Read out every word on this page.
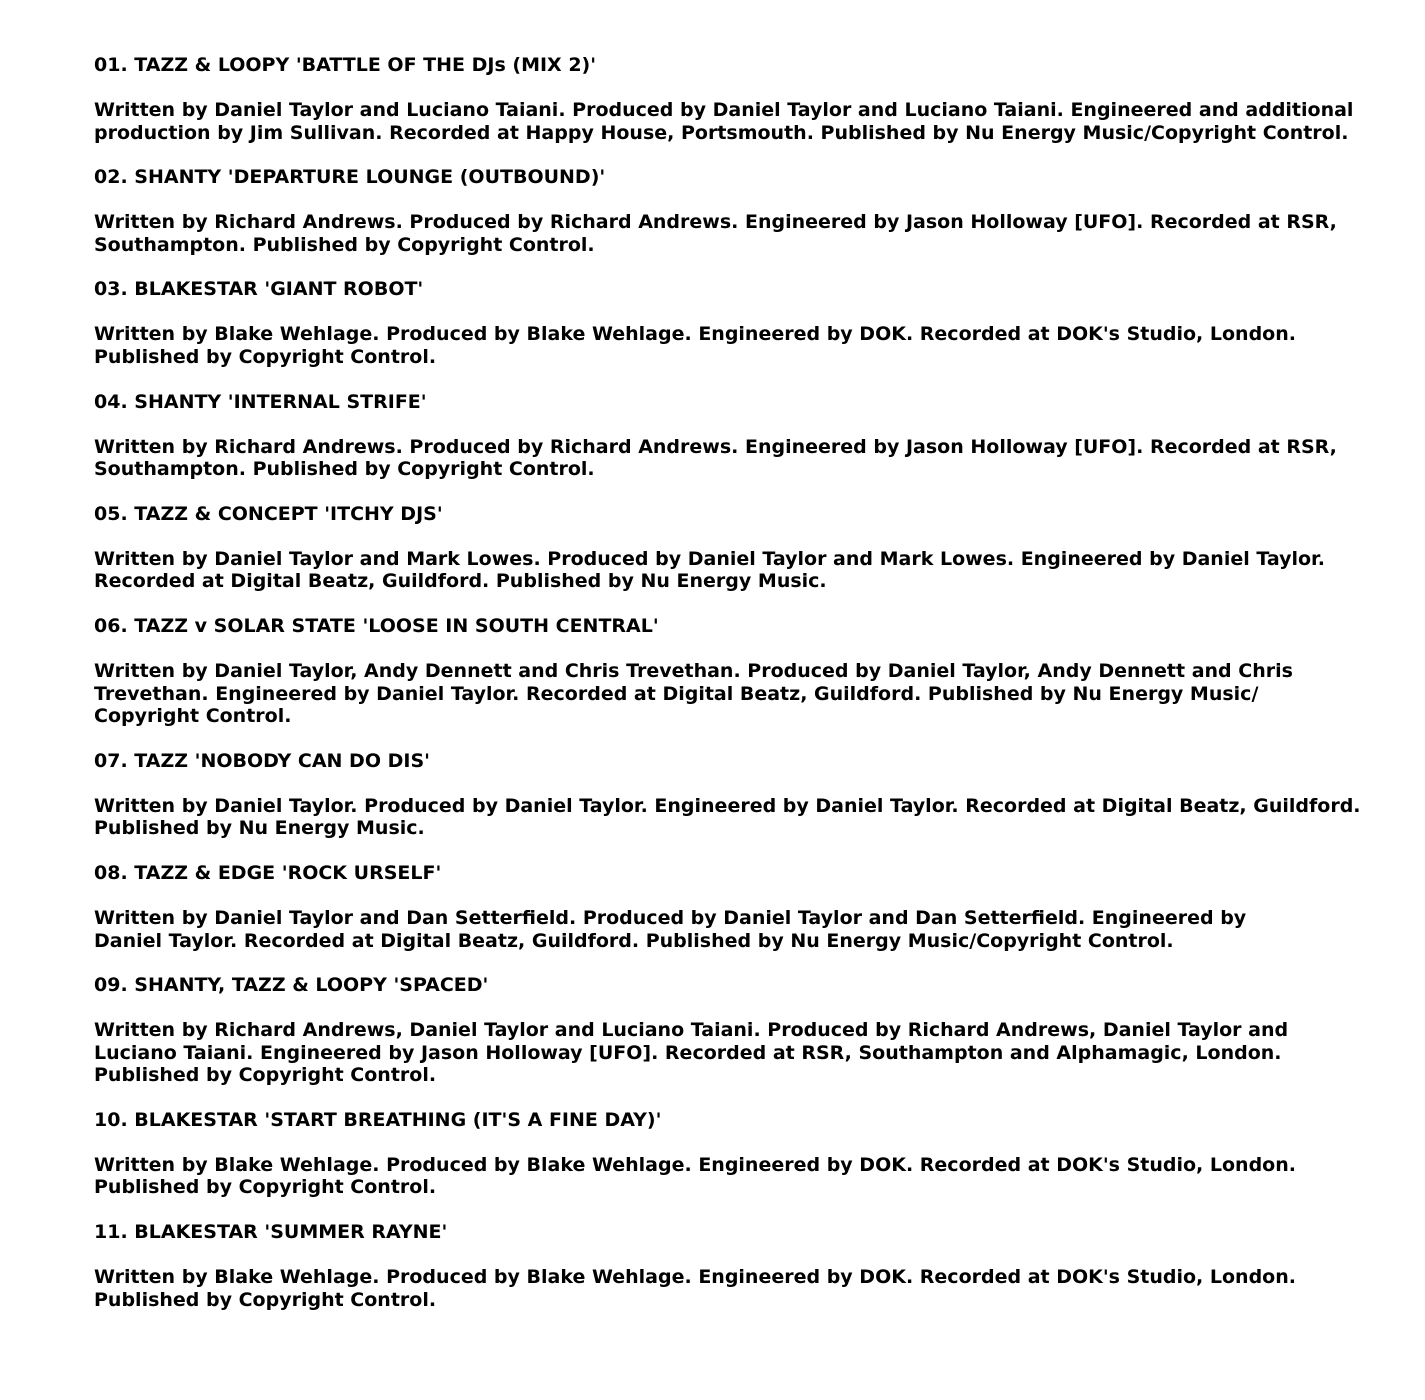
01. TAZZ & LOOPY 'BATTLE OF THE DJs (MIX 2)'

Written by Daniel Taylor and Luciano Taiani. Produced by Daniel Taylor and Luciano Taiani. Engineered and additional
production by Jim Sullivan. Recorded at Happy House, Portsmouth. Published by Nu Energy Music/Copyright Control.

02. SHANTY 'DEPARTURE LOUNGE (OUTBOUND)'

Written by Richard Andrews. Produced by Richard Andrews. Engineered by Jason Holloway [UFO]. Recorded at RSR,
Southampton. Published by Copyright Control.

03. BLAKESTAR 'GIANT ROBOT'

Written by Blake Wehlage. Produced by Blake Wehlage. Engineered by DOK. Recorded at DOK's Studio, London.
Published by Copyright Control.

04. SHANTY 'INTERNAL STRIFE'

Written by Richard Andrews. Produced by Richard Andrews. Engineered by Jason Holloway [UFO]. Recorded at RSR,
Southampton. Published by Copyright Control.

05. TAZZ & CONCEPT 'ITCHY DJS'

Written by Daniel Taylor and Mark Lowes. Produced by Daniel Taylor and Mark Lowes. Engineered by Daniel Taylor.
Recorded at Digital Beatz, Guildford. Published by Nu Energy Music.

06. TAZZ v SOLAR STATE 'LOOSE IN SOUTH CENTRAL'

Written by Daniel Taylor, Andy Dennett and Chris Trevethan. Produced by Daniel Taylor, Andy Dennett and Chris
Trevethan. Engineered by Daniel Taylor. Recorded at Digital Beatz, Guildford. Published by Nu Energy Music/
Copyright Control.

07. TAZZ 'NOBODY CAN DO DIS'

Written by Daniel Taylor. Produced by Daniel Taylor. Engineered by Daniel Taylor. Recorded at Digital Beatz, Guildford.
Published by Nu Energy Music.

08. TAZZ & EDGE 'ROCK URSELF'

Written by Daniel Taylor and Dan Setterfield. Produced by Daniel Taylor and Dan Setterfield. Engineered by
Daniel Taylor. Recorded at Digital Beatz, Guildford. Published by Nu Energy Music/Copyright Control.

09. SHANTY, TAZZ & LOOPY 'SPACED'

Written by Richard Andrews, Daniel Taylor and Luciano Taiani. Produced by Richard Andrews, Daniel Taylor and
Luciano Taiani. Engineered by Jason Holloway [UFO]. Recorded at RSR, Southampton and Alphamagic, London.
Published by Copyright Control.

10. BLAKESTAR 'START BREATHING (IT'S A FINE DAY)'

Written by Blake Wehlage. Produced by Blake Wehlage. Engineered by DOK. Recorded at DOK's Studio, London.
Published by Copyright Control.

11. BLAKESTAR 'SUMMER RAYNE'

Written by Blake Wehlage. Produced by Blake Wehlage. Engineered by DOK. Recorded at DOK's Studio, London.
Published by Copyright Control.
